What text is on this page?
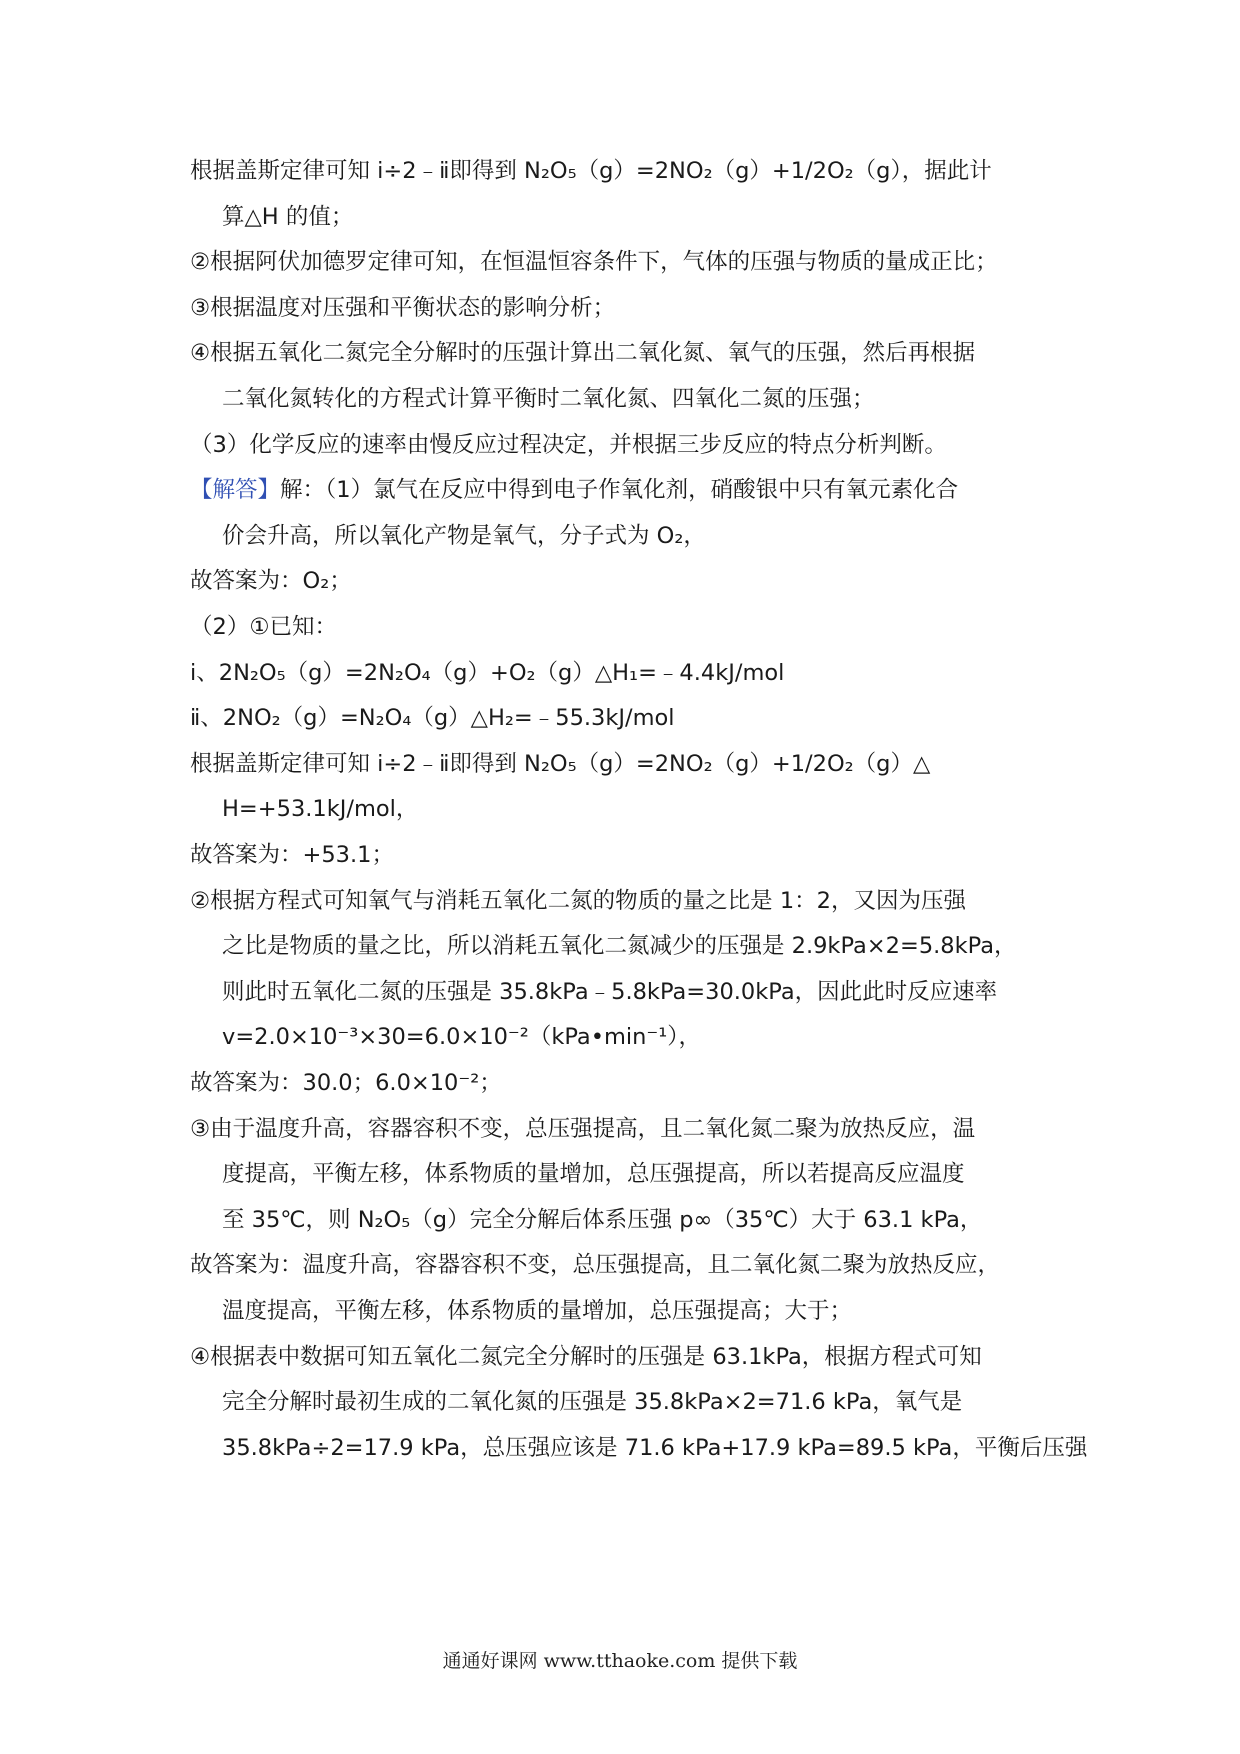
根据盖斯定律可知 ⅰ÷2﹣ⅱ即得到 N₂O₅（g）=2NO₂（g）+1/2O₂（g），据此计
算△H 的值；
②根据阿伏加德罗定律可知，在恒温恒容条件下，气体的压强与物质的量成正比；
③根据温度对压强和平衡状态的影响分析；
④根据五氧化二氮完全分解时的压强计算出二氧化氮、氧气的压强，然后再根据
二氧化氮转化的方程式计算平衡时二氧化氮、四氧化二氮的压强；
（3）化学反应的速率由慢反应过程决定，并根据三步反应的特点分析判断。
【解答】解：（1）氯气在反应中得到电子作氧化剂，硝酸银中只有氧元素化合
价会升高，所以氧化产物是氧气，分子式为 O₂，
故答案为：O₂；
（2）①已知：
ⅰ、2N₂O₅（g）=2N₂O₄（g）+O₂（g）△H₁=﹣4.4kJ/mol
ⅱ、2NO₂（g）=N₂O₄（g）△H₂=﹣55.3kJ/mol
根据盖斯定律可知 ⅰ÷2﹣ⅱ即得到 N₂O₅（g）=2NO₂（g）+1/2O₂（g）△
H=+53.1kJ/mol，
故答案为：+53.1；
②根据方程式可知氧气与消耗五氧化二氮的物质的量之比是 1：2，又因为压强
之比是物质的量之比，所以消耗五氧化二氮减少的压强是 2.9kPa×2=5.8kPa，
则此时五氧化二氮的压强是 35.8kPa﹣5.8kPa=30.0kPa，因此此时反应速率
v=2.0×10⁻³×30=6.0×10⁻²（kPa•min⁻¹），
故答案为：30.0；6.0×10⁻²；
③由于温度升高，容器容积不变，总压强提高，且二氧化氮二聚为放热反应，温
度提高，平衡左移，体系物质的量增加，总压强提高，所以若提高反应温度
至 35℃，则 N₂O₅（g）完全分解后体系压强 p∞（35℃）大于 63.1 kPa，
故答案为：温度升高，容器容积不变，总压强提高，且二氧化氮二聚为放热反应，
温度提高，平衡左移，体系物质的量增加，总压强提高；大于；
④根据表中数据可知五氧化二氮完全分解时的压强是 63.1kPa，根据方程式可知
完全分解时最初生成的二氧化氮的压强是 35.8kPa×2=71.6 kPa，氧气是
35.8kPa÷2=17.9 kPa，总压强应该是 71.6 kPa+17.9 kPa=89.5 kPa，平衡后压强
通通好课网 www.tthaoke.com 提供下载
